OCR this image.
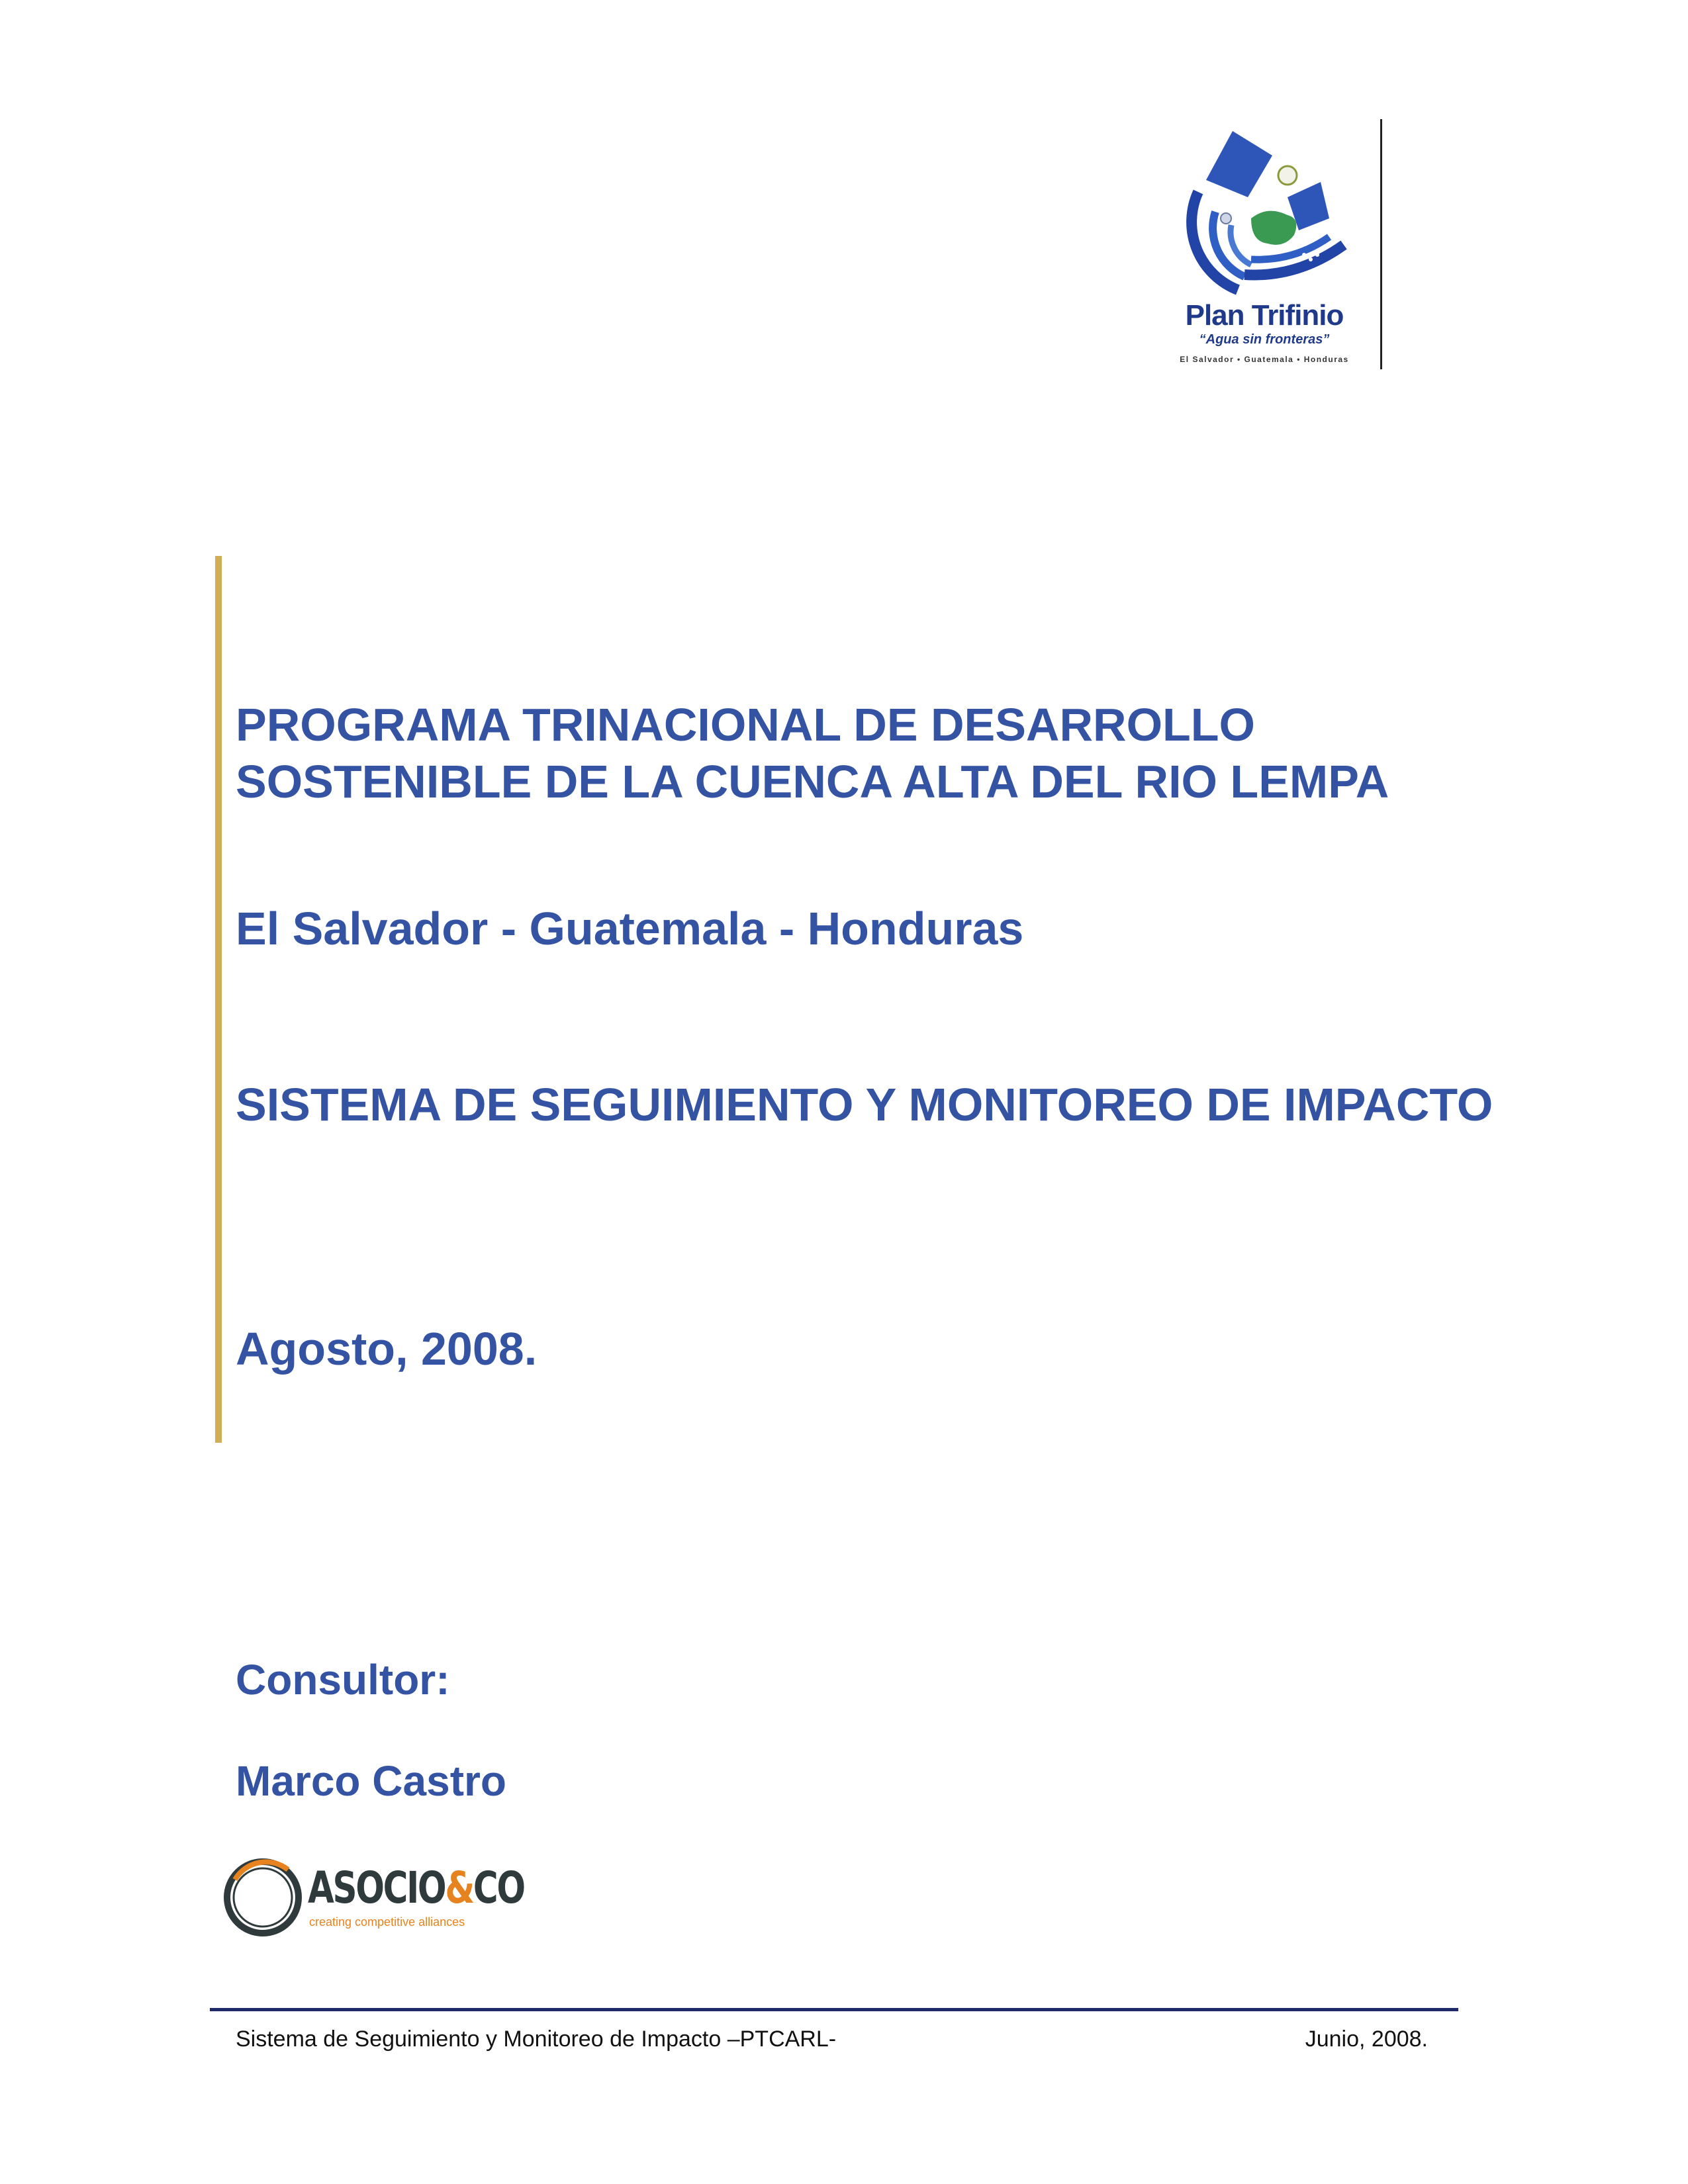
Plan Trifinio
“Agua sin fronteras”
El Salvador • Guatemala • Honduras
PROGRAMA TRINACIONAL DE DESARROLLO SOSTENIBLE DE LA CUENCA ALTA DEL RIO LEMPA
El Salvador - Guatemala - Honduras
SISTEMA DE SEGUIMIENTO Y MONITOREO DE IMPACTO
Agosto, 2008.
Consultor:
Marco Castro
ASOCIO&CO
creating competitive alliances
Sistema de Seguimiento y Monitoreo de Impacto –PTCARL-	Junio, 2008.
